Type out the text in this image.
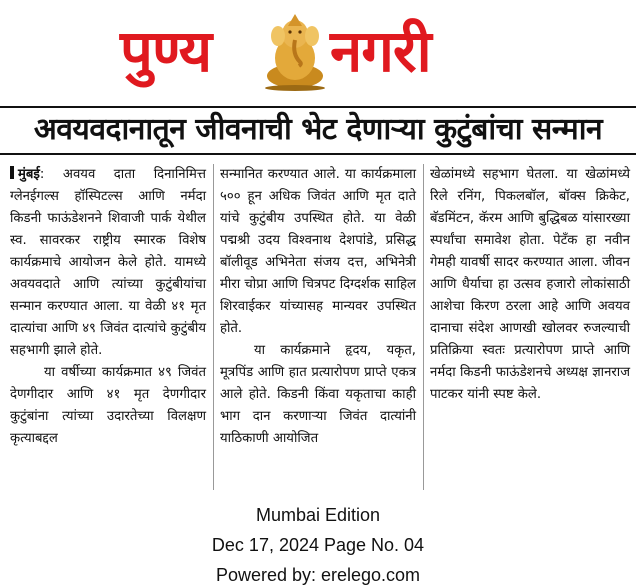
पुण्य नगरी
अवयवदानातून जीवनाची भेट देणाऱ्या कुटुंबांचा सन्मान

मुंबई: अवयव दाता दिनानिमित्त ग्लेनईगल्स हॉस्पिटल्स आणि नर्मदा किडनी फाऊंडेशनने शिवाजी पार्क येथील स्व. सावरकर राष्ट्रीय स्मारक विशेष कार्यक्रमाचे आयोजन केले होते. यामध्ये अवयवदाते आणि त्यांच्या कुटुंबीयांचा सन्मान करण्यात आला. या वेळी ४१ मृत दात्यांचा आणि ४९ जिवंत दात्यांचे कुटुंबीय सहभागी झाले होते.

या वर्षीच्या कार्यक्रमात ४९ जिवंत देणगीदार आणि ४१ मृत देणगीदार कुटुंबांना त्यांच्या उदारतेच्या विलक्षण कृत्याबद्दल

सन्मानित करण्यात आले. या कार्यक्रमाला ५०० हून अधिक जिवंत आणि मृत दाते यांचे कुटुंबीय उपस्थित होते. या वेळी पद्मश्री उदय विश्वनाथ देशपांडे, प्रसिद्ध बॉलीवूड अभिनेता संजय दत्त, अभिनेत्री मीरा चोप्रा आणि चित्रपट दिग्दर्शक साहिल शिरवाईकर यांच्यासह मान्यवर उपस्थित होते.

या कार्यक्रमाने हृदय, यकृत, मूत्रपिंड आणि हात प्रत्यारोपण प्राप्ते एकत्र आले होते. किडनी किंवा यकृताचा काही भाग दान करणाऱ्या जिवंत दात्यांनी याठिकाणी आयोजित

खेळांमध्ये सहभाग घेतला. या खेळांमध्ये रिले रनिंग, पिकलबॉल, बॉक्स क्रिकेट, बॅडमिंटन, कॅरम आणि बुद्धिबळ यांसारख्या स्पर्धांचा समावेश होता. पेटॅंक हा नवीन गेमही यावर्षी सादर करण्यात आला. जीवन आणि धैर्याचा हा उत्सव हजारो लोकांसाठी आशेचा किरण ठरला आहे आणि अवयव दानाचा संदेश आणखी खोलवर रुजल्याची प्रतिक्रिया स्वतः प्रत्यारोपण प्राप्ते आणि नर्मदा किडनी फाऊंडेशनचे अध्यक्ष ज्ञानराज पाटकर यांनी स्पष्ट केले.

Mumbai Edition
Dec 17, 2024 Page No. 04
Powered by: erelego.com
